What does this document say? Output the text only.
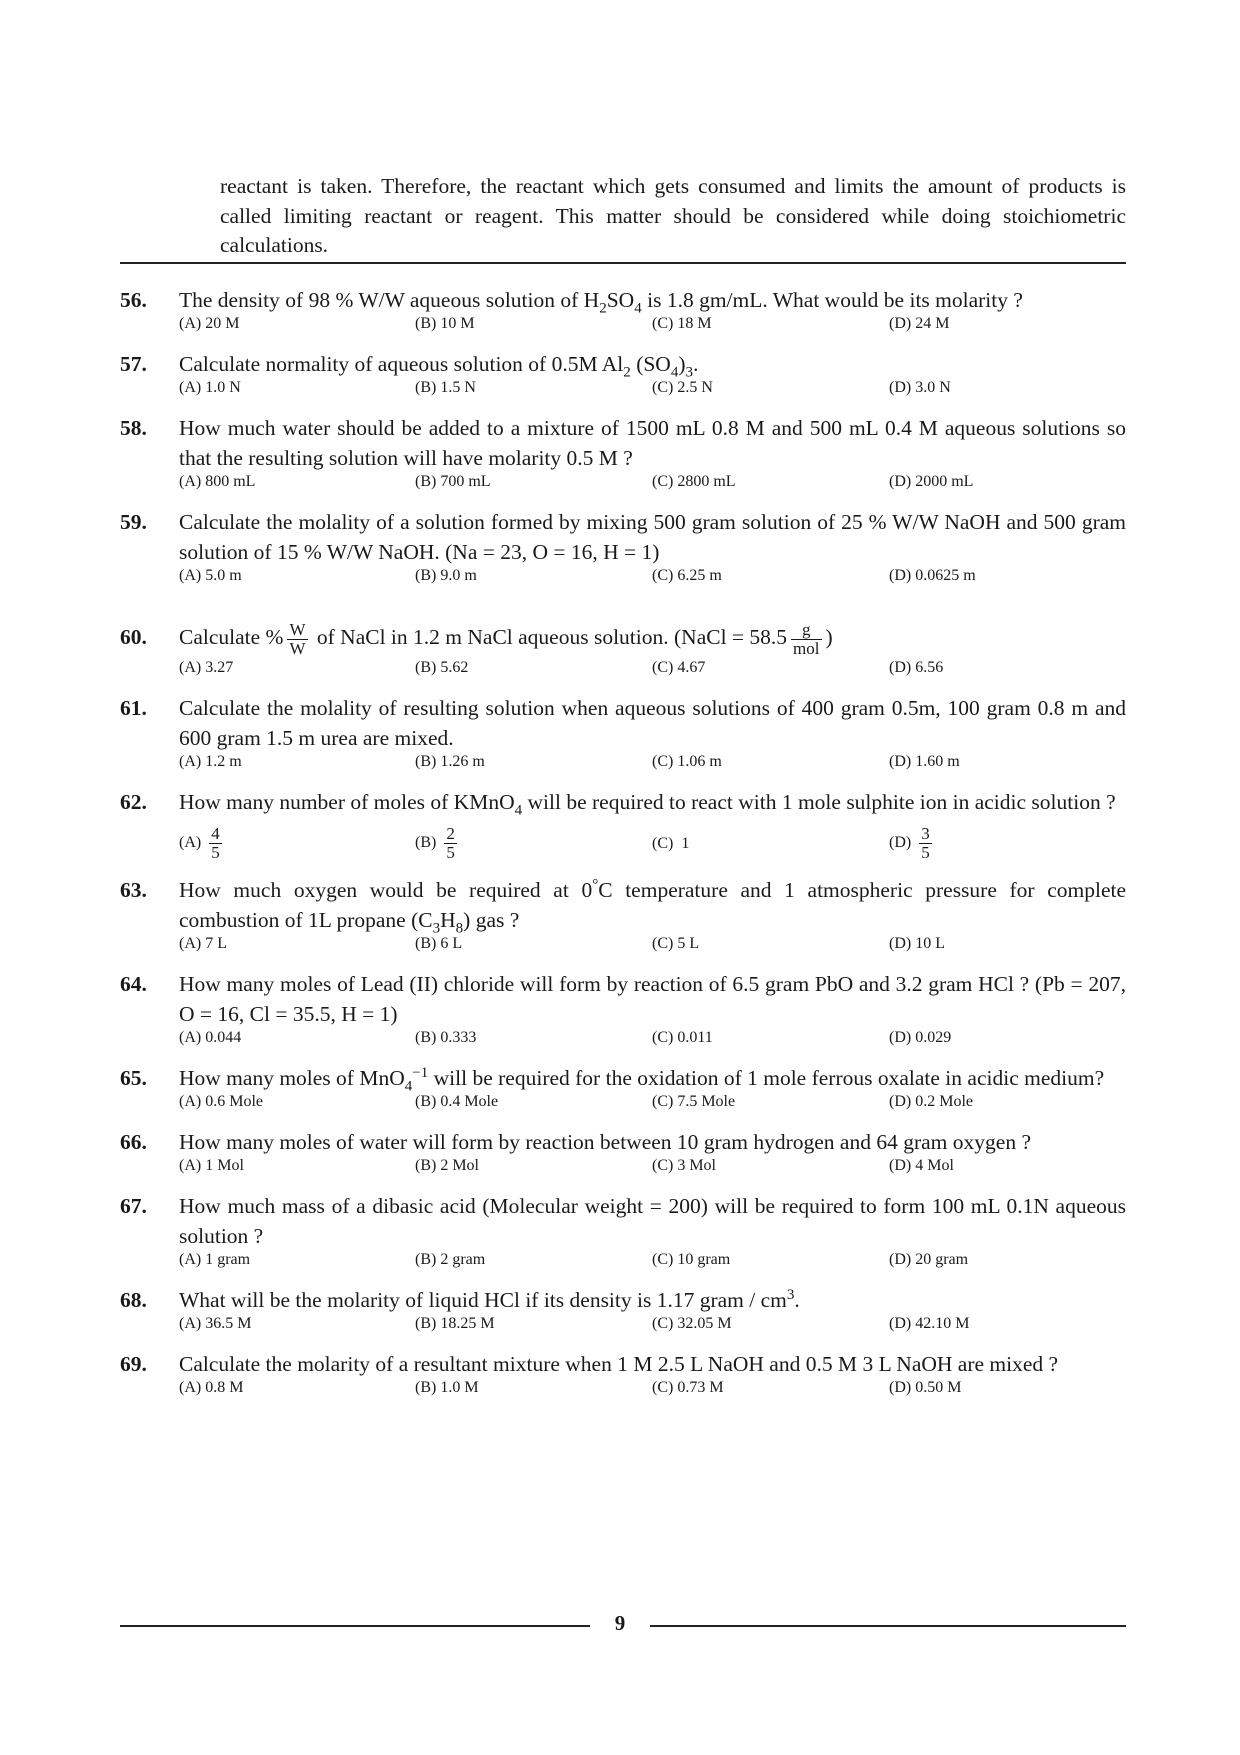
reactant is taken. Therefore, the reactant which gets consumed and limits the amount of products is called limiting reactant or reagent. This matter should be considered while doing stoichiometric calculations.
56. The density of 98 % W/W aqueous solution of $H_2SO_4$ is 1.8 gm/mL. What would be its molarity ?
(A) 20 M	(B) 10 M	(C) 18 M	(D) 24 M
57. Calculate normality of aqueous solution of 0.5M $Al_2$ $(SO_4)_3$.
(A) 1.0 N	(B) 1.5 N	(C) 2.5 N	(D) 3.0 N
58. How much water should be added to a mixture of 1500 mL 0.8 M and 500 mL 0.4 M aqueous solutions so that the resulting solution will have molarity 0.5 M ?
(A) 800 mL	(B) 700 mL	(C) 2800 mL	(D) 2000 mL
59. Calculate the molality of a solution formed by mixing 500 gram solution of 25 % W/W NaOH and 500 gram solution of 15 % W/W NaOH. (Na = 23, O = 16, H = 1)
(A) 5.0 m	(B) 9.0 m	(C) 6.25 m	(D) 0.0625 m
60. Calculate % $\frac{W}{W}$ of NaCl in 1.2 m NaCl aqueous solution. (NaCl = $58.5 \frac{g}{\text{mol}}$ )
(A) 3.27	(B) 5.62	(C) 4.67	(D) 6.56
61. Calculate the molality of resulting solution when aqueous solutions of 400 gram 0.5m, 100 gram 0.8 m and 600 gram 1.5 m urea are mixed.
(A) 1.2 m	(B) 1.26 m	(C) 1.06 m	(D) 1.60 m
62. How many number of moles of KMnO$_4$ will be required to react with 1 mole sulphite ion in acidic solution ?
$(A) \frac{4}{5}$	$(B) \frac{2}{5}$	(C) 1	$(D) \frac{3}{5}$
63. How much oxygen would be required at 0°C temperature and 1 atmospheric pressure for complete combustion of 1L propane $(C_3H_8)$ gas ?
(A) 7 L	(B) 6 L	(C) 5 L	(D) 10 L
64. How many moles of Lead (II) chloride will form by reaction of 6.5 gram PbO and 3.2 gram HCl ? (Pb = 207, O = 16, Cl = 35.5, H = 1)
(A) 0.044	(B) 0.333	(C) 0.011	(D) 0.029
65. How many moles of MnO$_4^{-1}$ will be required for the oxidation of 1 mole ferrous oxalate in acidic medium?
(A) 0.6 Mole	(B) 0.4 Mole	(C) 7.5 Mole	(D) 0.2 Mole
66. How many moles of water will form by reaction between 10 gram hydrogen and 64 gram oxygen ?
(A) 1 Mol	(B) 2 Mol	(C) 3 Mol	(D) 4 Mol
67. How much mass of a dibasic acid (Molecular weight = 200) will be required to form 100 mL 0.1N aqueous solution ?
(A) 1 gram	(B) 2 gram	(C) 10 gram	(D) 20 gram
68. What will be the molarity of liquid HCl if its density is 1.17 gram / $cm^3$.
(A) 36.5 M	(B) 18.25 M	(C) 32.05 M	(D) 42.10 M
69. Calculate the molarity of a resultant mixture when 1 M 2.5 L NaOH and 0.5 M 3 L NaOH are mixed ?
(A) 0.8 M	(B) 1.0 M	(C) 0.73 M	(D) 0.50 M
9
